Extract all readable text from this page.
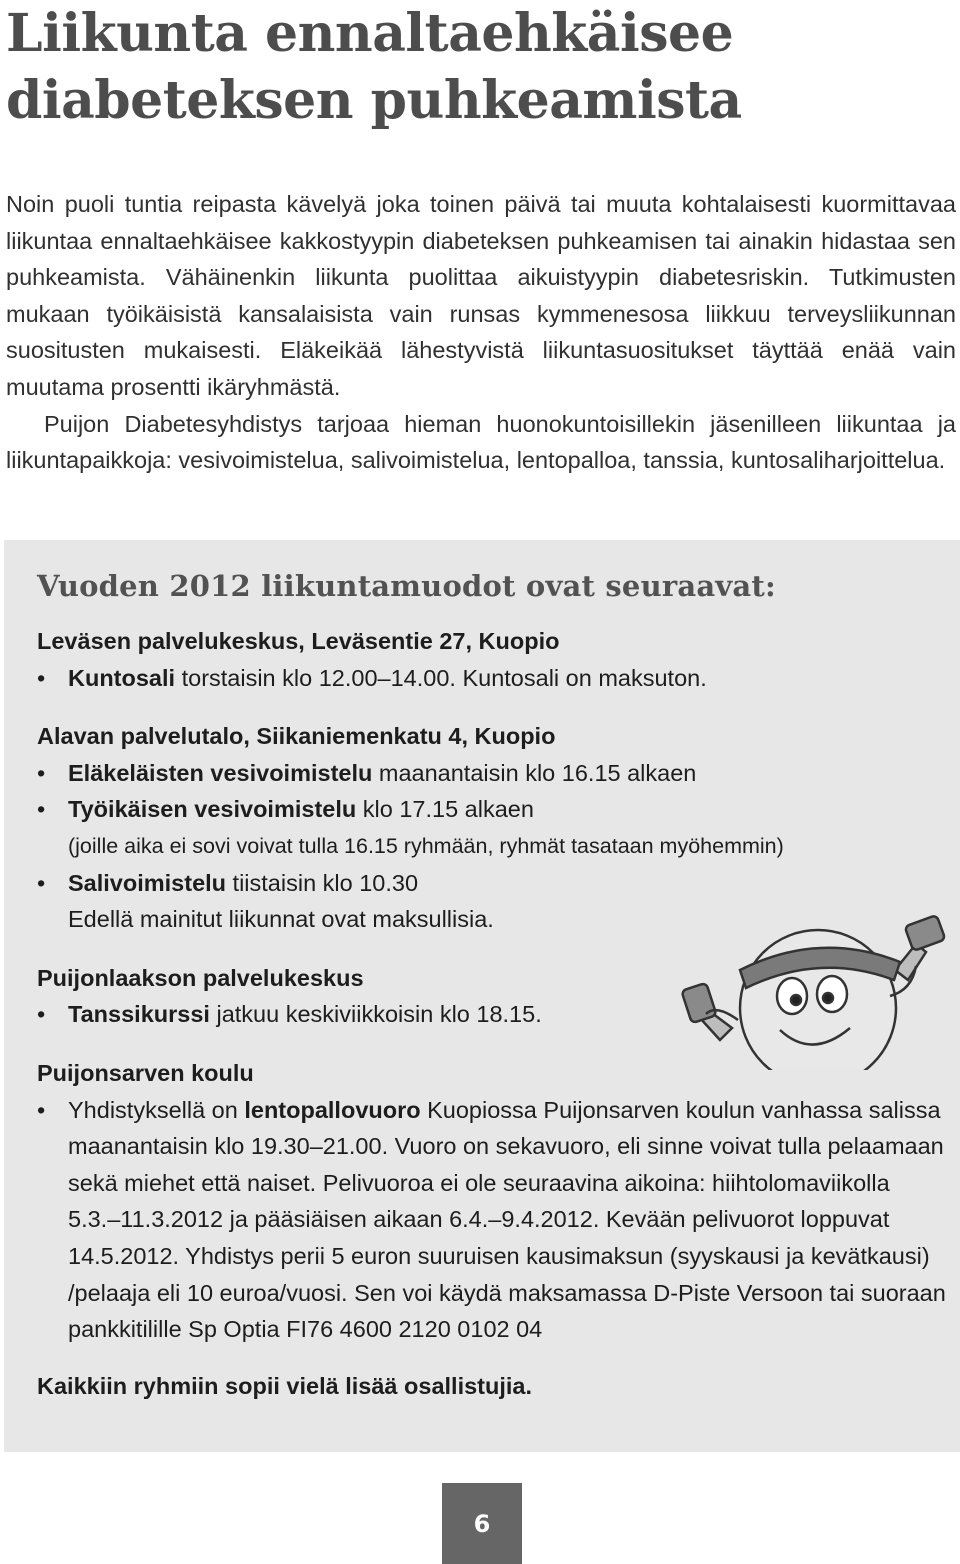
Liikunta ennaltaehkäisee
diabeteksen puhkeamista

Noin puoli tuntia reipasta kävelyä joka toinen päivä tai muuta kohtalaisesti kuormittavaa liikuntaa ennaltaehkäisee kakkostyypin diabeteksen puhkeamisen tai ainakin hidastaa sen puhkeamista. Vähäinenkin liikunta puolittaa aikuistyypin diabetesriskin. Tutkimusten mukaan työikäisistä kansalaisista vain runsas kymmenesosa liikkuu terveysliikunnan suositusten mukaisesti. Eläkeikää lähestyvistä liikuntasuositukset täyttää enää vain muutama prosentti ikäryhmästä.

Puijon Diabetesyhdistys tarjoaa hieman huonokuntoisillekin jäsenilleen liikuntaa ja liikuntapaikkoja: vesivoimistelua, salivoimistelua, lentopalloa, tanssia, kuntosaliharjoittelua.

Vuoden 2012 liikuntamuodot ovat seuraavat:
Leväsen palvelukeskus, Leväsentie 27, Kuopio
• Kuntosali torstaisin klo 12.00–14.00. Kuntosali on maksuton.
Alavan palvelutalo, Siikaniemenkatu 4, Kuopio
• Eläkeläisten vesivoimistelu maanantaisin klo 16.15 alkaen
• Työikäisen vesivoimistelu klo 17.15 alkaen
(joille aika ei sovi voivat tulla 16.15 ryhmään, ryhmät tasataan myöhemmin)
• Salivoimistelu tiistaisin klo 10.30
Edellä mainitut liikunnat ovat maksullisia.
Puijonlaakson palvelukeskus
• Tanssikurssi jatkuu keskiviikkoisin klo 18.15.
Puijonsarven koulu
• Yhdistyksellä on lentopallovuoro Kuopiossa Puijonsarven koulun vanhassa salissa maanantaisin klo 19.30–21.00. Vuoro on sekavuoro, eli sinne voivat tulla pelaamaan sekä miehet että naiset. Pelivuoroa ei ole seuraavina aikoina: hiihtolomaviikolla 5.3.–11.3.2012 ja pääsiäisen aikaan 6.4.–9.4.2012. Kevään pelivuorot loppuvat 14.5.2012. Yhdistys perii 5 euron suuruisen kausimaksun (syyskausi ja kevätkausi) /pelaaja eli 10 euroa/vuosi. Sen voi käydä maksamassa D-Piste Versoon tai suoraan pankkitilille Sp Optia FI76 4600 2120 0102 04
Kaikkiin ryhmiin sopii vielä lisää osallistujia.
6
